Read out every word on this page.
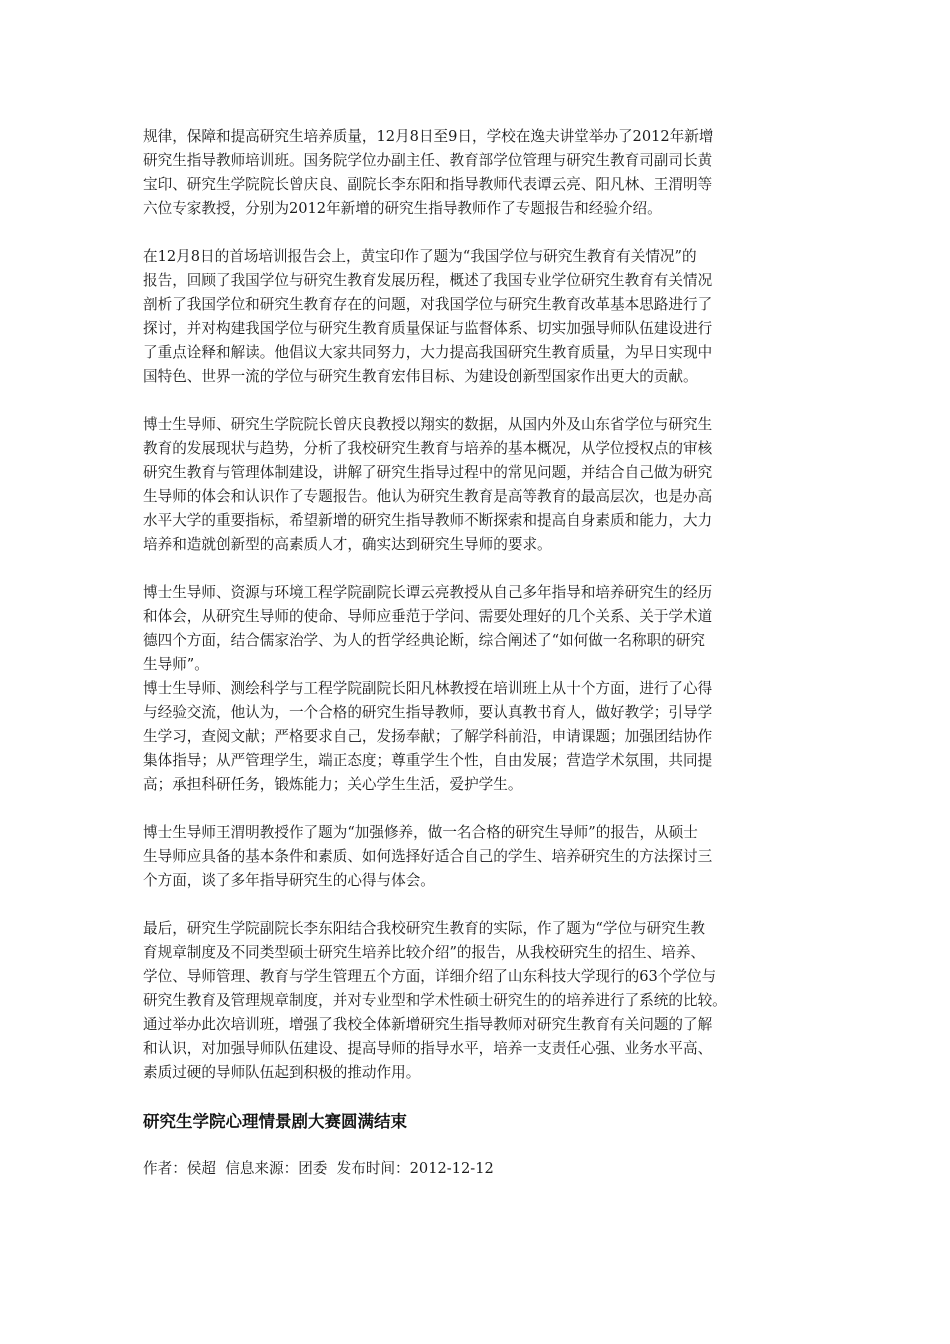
规律，保障和提高研究生培养质量，12月8日至9日，学校在逸夫讲堂举办了2012年新增
研究生指导教师培训班。国务院学位办副主任、教育部学位管理与研究生教育司副司长黄
宝印、研究生学院院长曾庆良、副院长李东阳和指导教师代表谭云亮、阳凡林、王渭明等
六位专家教授，分别为2012年新增的研究生指导教师作了专题报告和经验介绍。

在12月8日的首场培训报告会上，黄宝印作了题为“我国学位与研究生教育有关情况”的
报告，回顾了我国学位与研究生教育发展历程，概述了我国专业学位研究生教育有关情况
剖析了我国学位和研究生教育存在的问题，对我国学位与研究生教育改革基本思路进行了
探讨，并对构建我国学位与研究生教育质量保证与监督体系、切实加强导师队伍建设进行
了重点诠释和解读。他倡议大家共同努力，大力提高我国研究生教育质量，为早日实现中
国特色、世界一流的学位与研究生教育宏伟目标、为建设创新型国家作出更大的贡献。

博士生导师、研究生学院院长曾庆良教授以翔实的数据，从国内外及山东省学位与研究生
教育的发展现状与趋势，分析了我校研究生教育与培养的基本概况，从学位授权点的审核
研究生教育与管理体制建设，讲解了研究生指导过程中的常见问题，并结合自己做为研究
生导师的体会和认识作了专题报告。他认为研究生教育是高等教育的最高层次，也是办高
水平大学的重要指标，希望新增的研究生指导教师不断探索和提高自身素质和能力，大力
培养和造就创新型的高素质人才，确实达到研究生导师的要求。

博士生导师、资源与环境工程学院副院长谭云亮教授从自己多年指导和培养研究生的经历
和体会，从研究生导师的使命、导师应垂范于学问、需要处理好的几个关系、关于学术道
德四个方面，结合儒家治学、为人的哲学经典论断，综合阐述了“如何做一名称职的研究
生导师”。

博士生导师、测绘科学与工程学院副院长阳凡林教授在培训班上从十个方面，进行了心得
与经验交流，他认为，一个合格的研究生指导教师，要认真教书育人，做好教学；引导学
生学习，查阅文献；严格要求自己，发扬奉献；了解学科前沿，申请课题；加强团结协作
集体指导；从严管理学生，端正态度；尊重学生个性，自由发展；营造学术氛围，共同提
高；承担科研任务，锻炼能力；关心学生生活，爱护学生。

博士生导师王渭明教授作了题为“加强修养，做一名合格的研究生导师”的报告，从硕士
生导师应具备的基本条件和素质、如何选择好适合自己的学生、培养研究生的方法探讨三
个方面，谈了多年指导研究生的心得与体会。

最后，研究生学院副院长李东阳结合我校研究生教育的实际，作了题为“学位与研究生教
育规章制度及不同类型硕士研究生培养比较介绍”的报告，从我校研究生的招生、培养、
学位、导师管理、教育与学生管理五个方面，详细介绍了山东科技大学现行的63个学位与
研究生教育及管理规章制度，并对专业型和学术性硕士研究生的的培养进行了系统的比较。
通过举办此次培训班，增强了我校全体新增研究生指导教师对研究生教育有关问题的了解
和认识，对加强导师队伍建设、提高导师的指导水平，培养一支责任心强、业务水平高、
素质过硬的导师队伍起到积极的推动作用。

研究生学院心理情景剧大赛圆满结束

作者：侯超  信息来源：团委  发布时间：2012-12-12
